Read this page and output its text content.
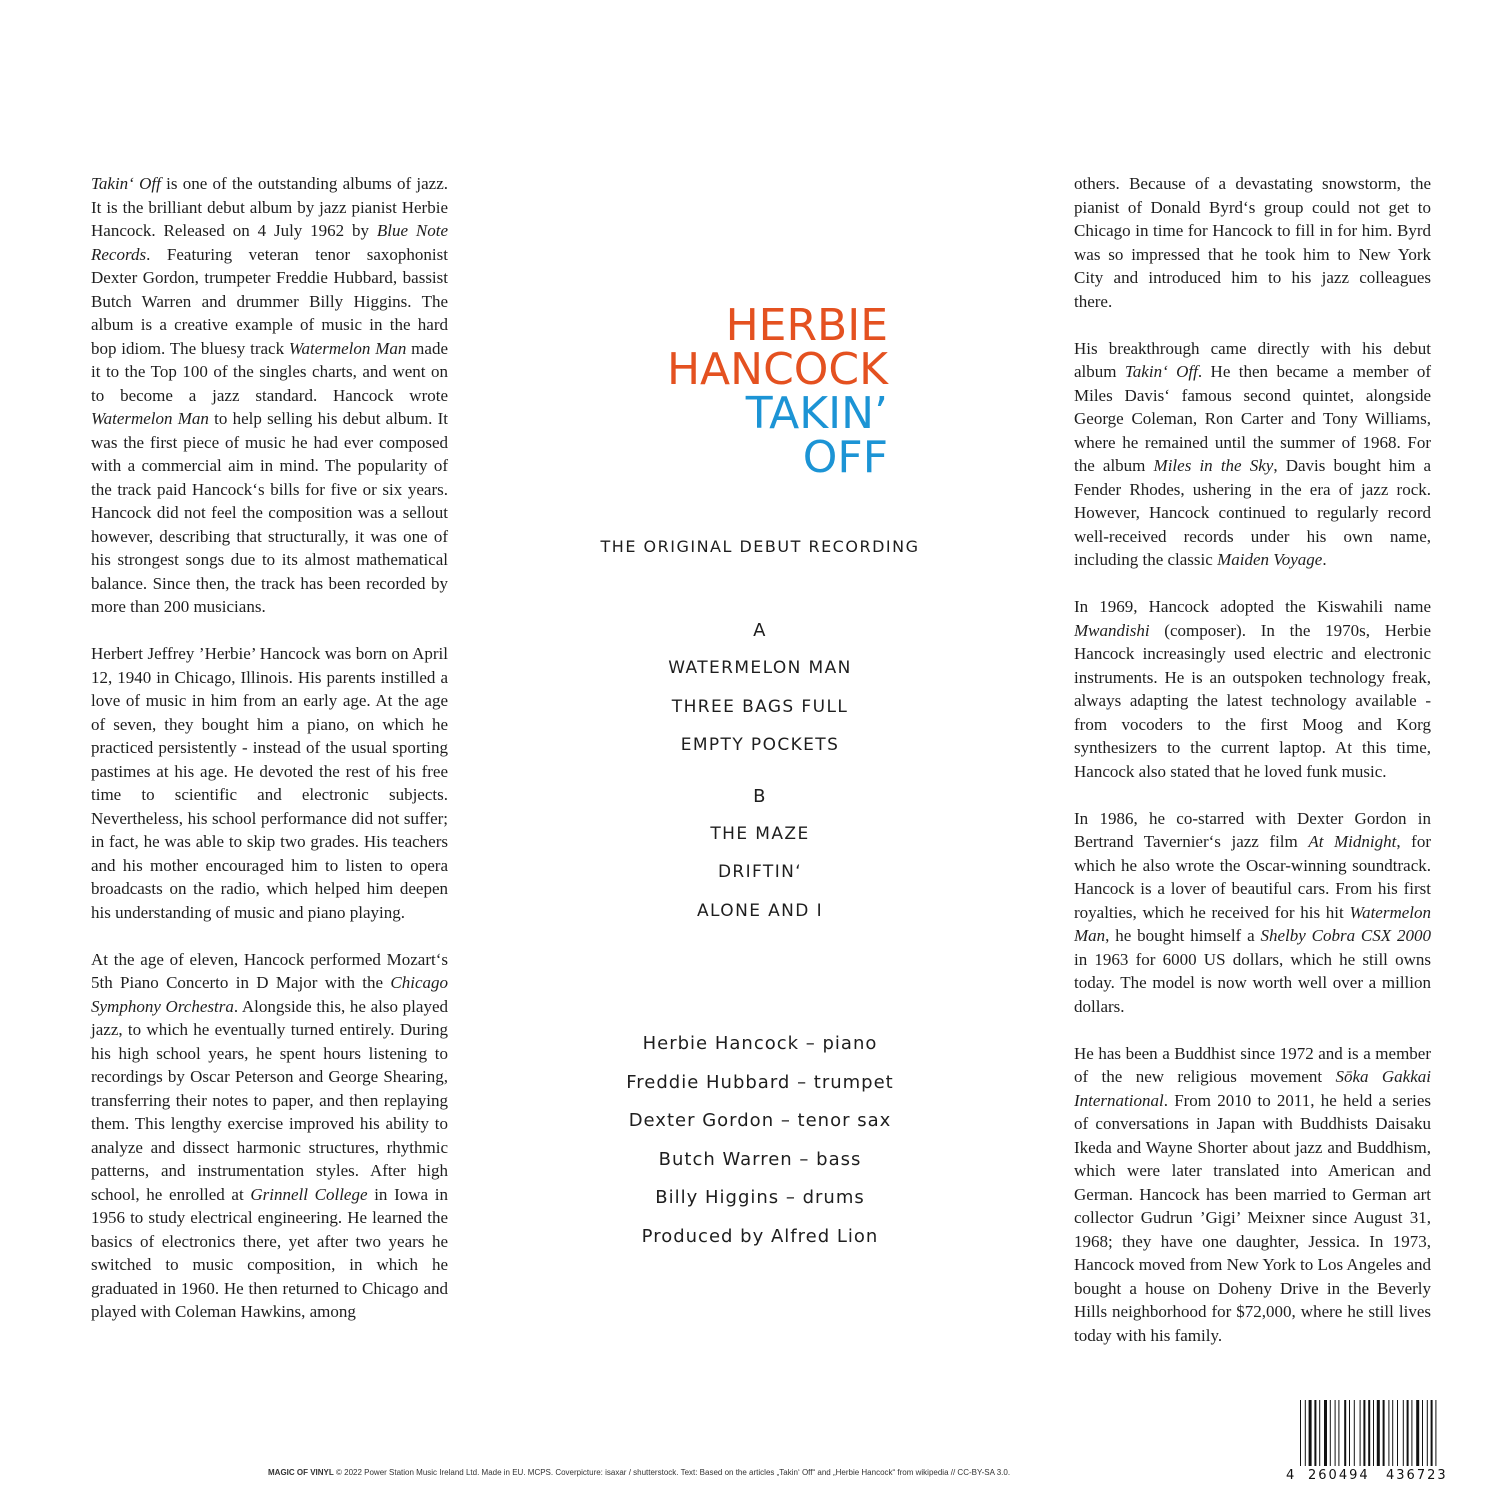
Takin‘ Off is one of the outstanding albums of jazz. It is the brilliant debut album by jazz pianist Herbie Hancock. Released on 4 July 1962 by Blue Note Records. Featuring veteran tenor saxophonist Dexter Gordon, trumpeter Freddie Hubbard, bassist Butch Warren and drummer Billy Higgins. The album is a creative example of music in the hard bop idiom. The bluesy track Watermelon Man made it to the Top 100 of the singles charts, and went on to become a jazz standard. Hancock wrote Watermelon Man to help selling his debut album. It was the first piece of music he had ever composed with a commercial aim in mind. The popularity of the track paid Hancock‘s bills for five or six years. Hancock did not feel the composition was a sellout however, describing that structurally, it was one of his strongest songs due to its almost mathematical balance. Since then, the track has been recorded by more than 200 musicians.

Herbert Jeffrey ’Herbie’ Hancock was born on April 12, 1940 in Chicago, Illinois. His parents instilled a love of music in him from an early age. At the age of seven, they bought him a piano, on which he practiced persistently - instead of the usual sporting pastimes at his age. He devoted the rest of his free time to scientific and electronic subjects. Nevertheless, his school performance did not suffer; in fact, he was able to skip two grades. His teachers and his mother encouraged him to listen to opera broadcasts on the radio, which helped him deepen his understanding of music and piano playing.

At the age of eleven, Hancock performed Mozart‘s 5th Piano Concerto in D Major with the Chicago Symphony Orchestra. Alongside this, he also played jazz, to which he eventually turned entirely. During his high school years, he spent hours listening to recordings by Oscar Peterson and George Shearing, transferring their notes to paper, and then replaying them. This lengthy exercise improved his ability to analyze and dissect harmonic structures, rhythmic patterns, and instrumentation styles. After high school, he enrolled at Grinnell College in Iowa in 1956 to study electrical engineering. He learned the basics of electronics there, yet after two years he switched to music composition, in which he graduated in 1960. He then returned to Chicago and played with Coleman Hawkins, among

HERBIE
HANCOCK
TAKIN’
OFF
THE ORIGINAL DEBUT RECORDING
A
WATERMELON MAN
THREE BAGS FULL
EMPTY POCKETS
B
THE MAZE
DRIFTIN‘
ALONE AND I
Herbie Hancock – piano
Freddie Hubbard – trumpet
Dexter Gordon – tenor sax
Butch Warren – bass
Billy Higgins – drums
Produced by Alfred Lion

others. Because of a devastating snowstorm, the pianist of Donald Byrd‘s group could not get to Chicago in time for Hancock to fill in for him. Byrd was so impressed that he took him to New York City and introduced him to his jazz colleagues there.

His breakthrough came directly with his debut album Takin‘ Off. He then became a member of Miles Davis‘ famous second quintet, alongside George Coleman, Ron Carter and Tony Williams, where he remained until the summer of 1968. For the album Miles in the Sky, Davis bought him a Fender Rhodes, ushering in the era of jazz rock. However, Hancock continued to regularly record well-received records under his own name, including the classic Maiden Voyage.

In 1969, Hancock adopted the Kiswahili name Mwandishi (composer). In the 1970s, Herbie Hancock increasingly used electric and electronic instruments. He is an outspoken technology freak, always adapting the latest technology available - from vocoders to the first Moog and Korg synthesizers to the current laptop. At this time, Hancock also stated that he loved funk music.

In 1986, he co-starred with Dexter Gordon in Bertrand Tavernier‘s jazz film At Midnight, for which he also wrote the Oscar-winning soundtrack. Hancock is a lover of beautiful cars. From his first royalties, which he received for his hit Watermelon Man, he bought himself a Shelby Cobra CSX 2000 in 1963 for 6000 US dollars, which he still owns today. The model is now worth well over a million dollars.

He has been a Buddhist since 1972 and is a member of the new religious movement Sōka Gakkai International. From 2010 to 2011, he held a series of conversations in Japan with Buddhists Daisaku Ikeda and Wayne Shorter about jazz and Buddhism, which were later translated into American and German. Hancock has been married to German art collector Gudrun ’Gigi’ Meixner since August 31, 1968; they have one daughter, Jessica. In 1973, Hancock moved from New York to Los Angeles and bought a house on Doheny Drive in the Beverly Hills neighborhood for $72,000, where he still lives today with his family.

MAGIC OF VINYL © 2022 Power Station Music Ireland Ltd. Made in EU. MCPS. Coverpicture: isaxar / shutterstock. Text: Based on the articles „Takin‘ Off“ and „Herbie Hancock“ from wikipedia // CC-BY-SA 3.0.	4 260494 436723
